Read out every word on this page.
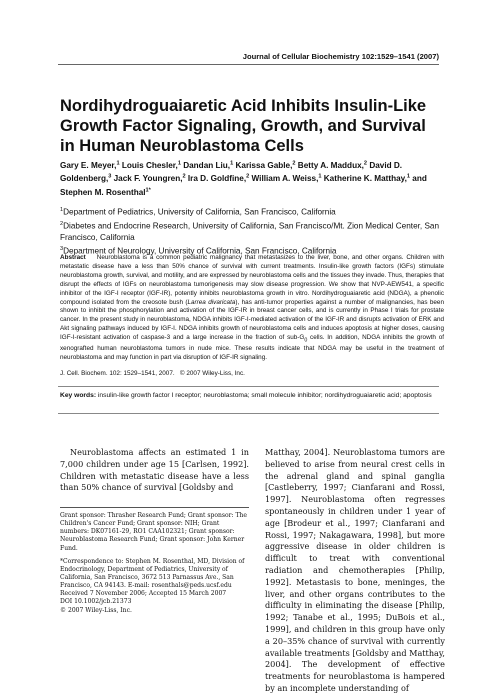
Journal of Cellular Biochemistry 102:1529–1541 (2007)
Nordihydroguaiaretic Acid Inhibits Insulin-Like Growth Factor Signaling, Growth, and Survival in Human Neuroblastoma Cells
Gary E. Meyer,$^1$ Louis Chesler,$^1$ Dandan Liu,$^1$ Karissa Gable,$^2$ Betty A. Maddux,$^2$ David D. Goldenberg,$^3$ Jack F. Youngren,$^2$ Ira D. Goldfine,$^2$ William A. Weiss,$^1$ Katherine K. Matthay,$^1$ and Stephen M. Rosenthal$^{1*}$
$^1$Department of Pediatrics, University of California, San Francisco, California
$^2$Diabetes and Endocrine Research, University of California, San Francisco/Mt. Zion Medical Center, San Francisco, California
$^3$Department of Neurology, University of California, San Francisco, California

Abstract Neuroblastoma is a common pediatric malignancy that metastasizes to the liver, bone, and other organs. Children with metastatic disease have a less than 50% chance of survival with current treatments. Insulin-like growth factors (IGFs) stimulate neuroblastoma growth, survival, and motility, and are expressed by neuroblastoma cells and the tissues they invade. Thus, therapies that disrupt the effects of IGFs on neuroblastoma tumorigenesis may slow disease progression. We show that NVP-AEW541, a specific inhibitor of the IGF-I receptor (IGF-IR), potently inhibits neuroblastoma growth in vitro. Nordihydroguaiaretic acid (NDGA), a phenolic compound isolated from the creosote bush (Larrea divaricata), has anti-tumor properties against a number of malignancies, has been shown to inhibit the phosphorylation and activation of the IGF-IR in breast cancer cells, and is currently in Phase I trials for prostate cancer. In the present study in neuroblastoma, NDGA inhibits IGF-I-mediated activation of the IGF-IR and disrupts activation of ERK and Akt signaling pathways induced by IGF-I. NDGA inhibits growth of neuroblastoma cells and induces apoptosis at higher doses, causing IGF-I-resistant activation of caspase-3 and a large increase in the fraction of sub-$G_0$ cells. In addition, NDGA inhibits the growth of xenografted human neuroblastoma tumors in nude mice. These results indicate that NDGA may be useful in the treatment of neuroblastoma and may function in part via disruption of IGF-IR signaling.

J. Cell. Biochem. 102: 1529–1541, 2007. © 2007 Wiley-Liss, Inc.

Key words: insulin-like growth factor I receptor; neuroblastoma; small molecule inhibitor; nordihydroguaiaretic acid; apoptosis

Neuroblastoma affects an estimated 1 in 7,000 children under age 15 [Carlsen, 1992]. Children with metastatic disease have a less than 50% chance of survival [Goldsby and

Matthay, 2004]. Neuroblastoma tumors are believed to arise from neural crest cells in the adrenal gland and spinal ganglia [Castleberry, 1997; Cianfarani and Rossi, 1997]. Neuroblastoma often regresses spontaneously in children under 1 year of age [Brodeur et al., 1997; Cianfarani and Rossi, 1997; Nakagawara, 1998], but more aggressive disease in older children is difficult to treat with conventional radiation and chemotherapies [Philip, 1992]. Metastasis to bone, meninges, the liver, and other organs contributes to the difficulty in eliminating the disease [Philip, 1992; Tanabe et al., 1995; DuBois et al., 1999], and children in this group have only a 20–35% chance of survival with currently available treatments [Goldsby and Matthay, 2004]. The development of effective treatments for neuroblastoma is hampered by an incomplete understanding of

Grant sponsor: Thrasher Research Fund; Grant sponsor: The Children's Cancer Fund; Grant sponsor: NIH; Grant numbers: DK07161-29, RO1 CAA102321; Grant sponsor: Neuroblastoma Research Fund; Grant sponsor: John Kerner Fund.

*Correspondence to: Stephen M. Rosenthal, MD, Division of Endocrinology, Department of Pediatrics, University of California, San Francisco, 3672 513 Parnassus Ave., San Francisco, CA 94143. E-mail: rosenthals@peds.ucsf.edu

Received 7 November 2006; Accepted 15 March 2007

DOI 10.1002/jcb.21373

© 2007 Wiley-Liss, Inc.
